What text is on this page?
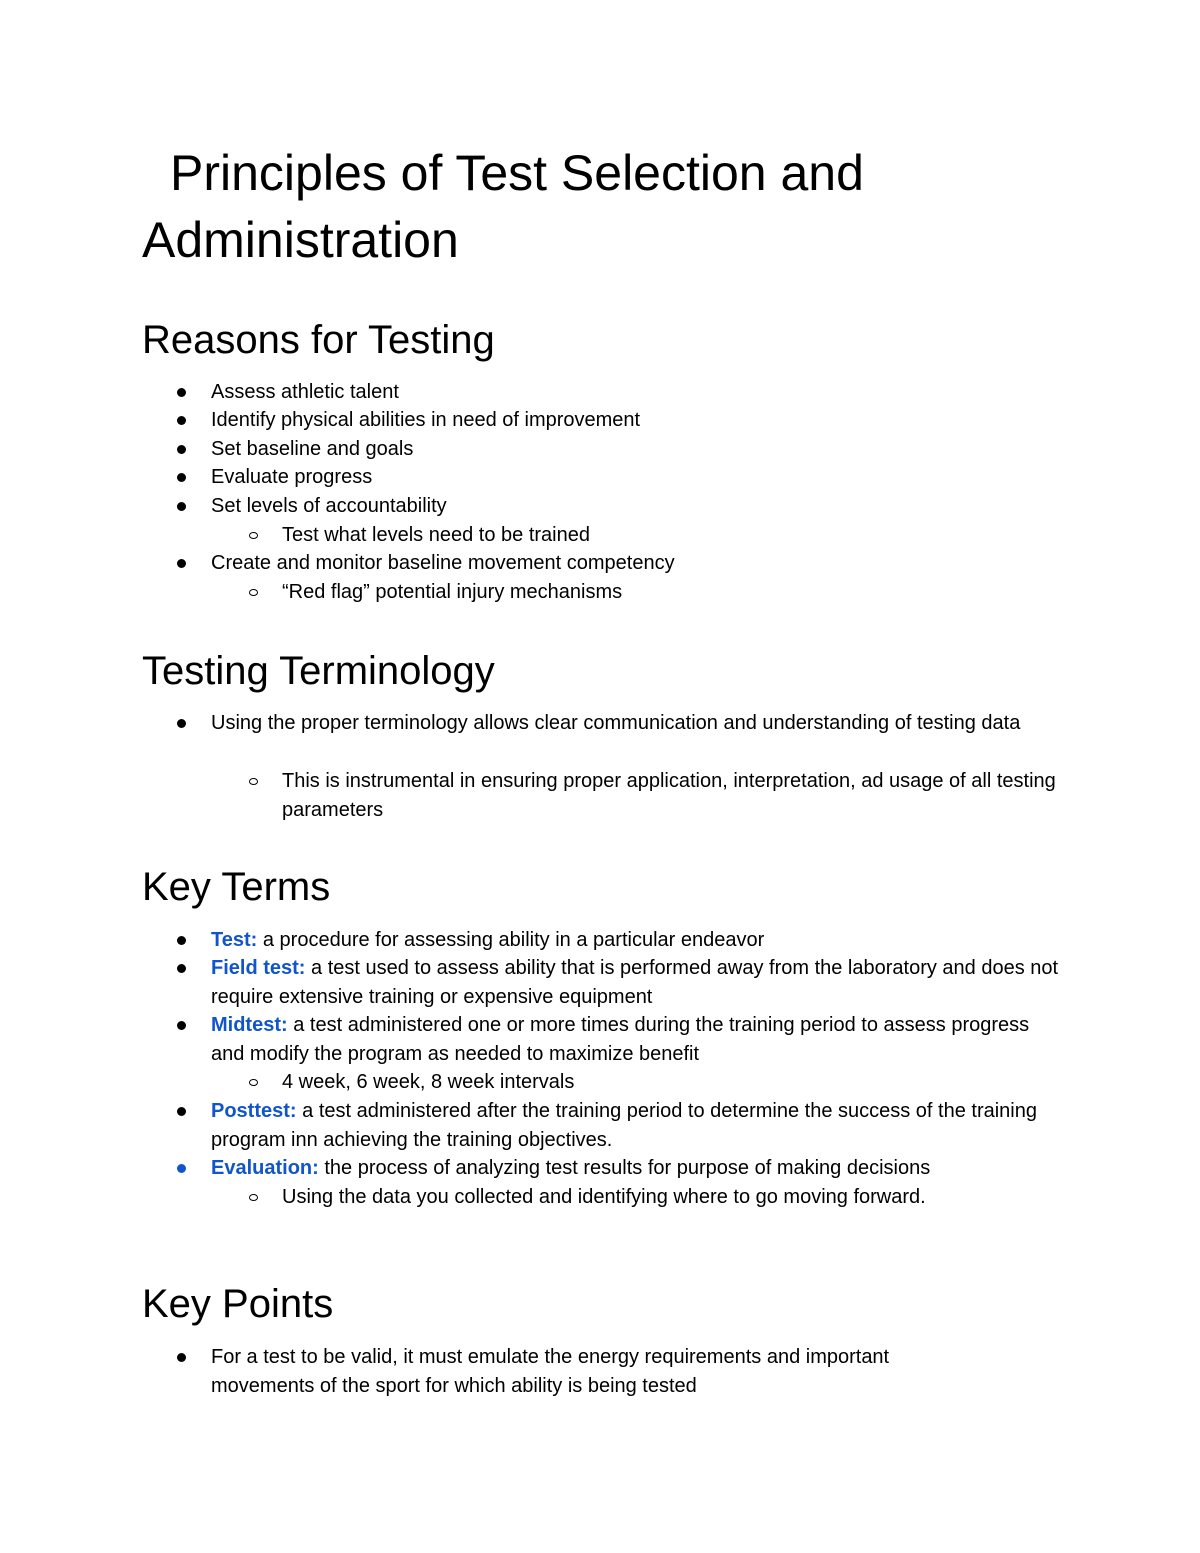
Principles of Test Selection and
Administration
Reasons for Testing
Assess athletic talent
Identify physical abilities in need of improvement
Set baseline and goals
Evaluate progress
Set levels of accountability
Test what levels need to be trained
Create and monitor baseline movement competency
“Red flag” potential injury mechanisms
Testing Terminology
Using the proper terminology allows clear communication and understanding of testing data
This is instrumental in ensuring proper application, interpretation, ad usage of all testing parameters
Key Terms
Test: a procedure for assessing ability in a particular endeavor
Field test: a test used to assess ability that is performed away from the laboratory and does not require extensive training or expensive equipment
Midtest: a test administered one or more times during the training period to assess progress and modify the program as needed to maximize benefit
4 week, 6 week, 8 week intervals
Posttest: a test administered after the training period to determine the success of the training program inn achieving the training objectives.
Evaluation: the process of analyzing test results for purpose of making decisions
Using the data you collected and identifying where to go moving forward.
Key Points
For a test to be valid, it must emulate the energy requirements and important movements of the sport for which ability is being tested
